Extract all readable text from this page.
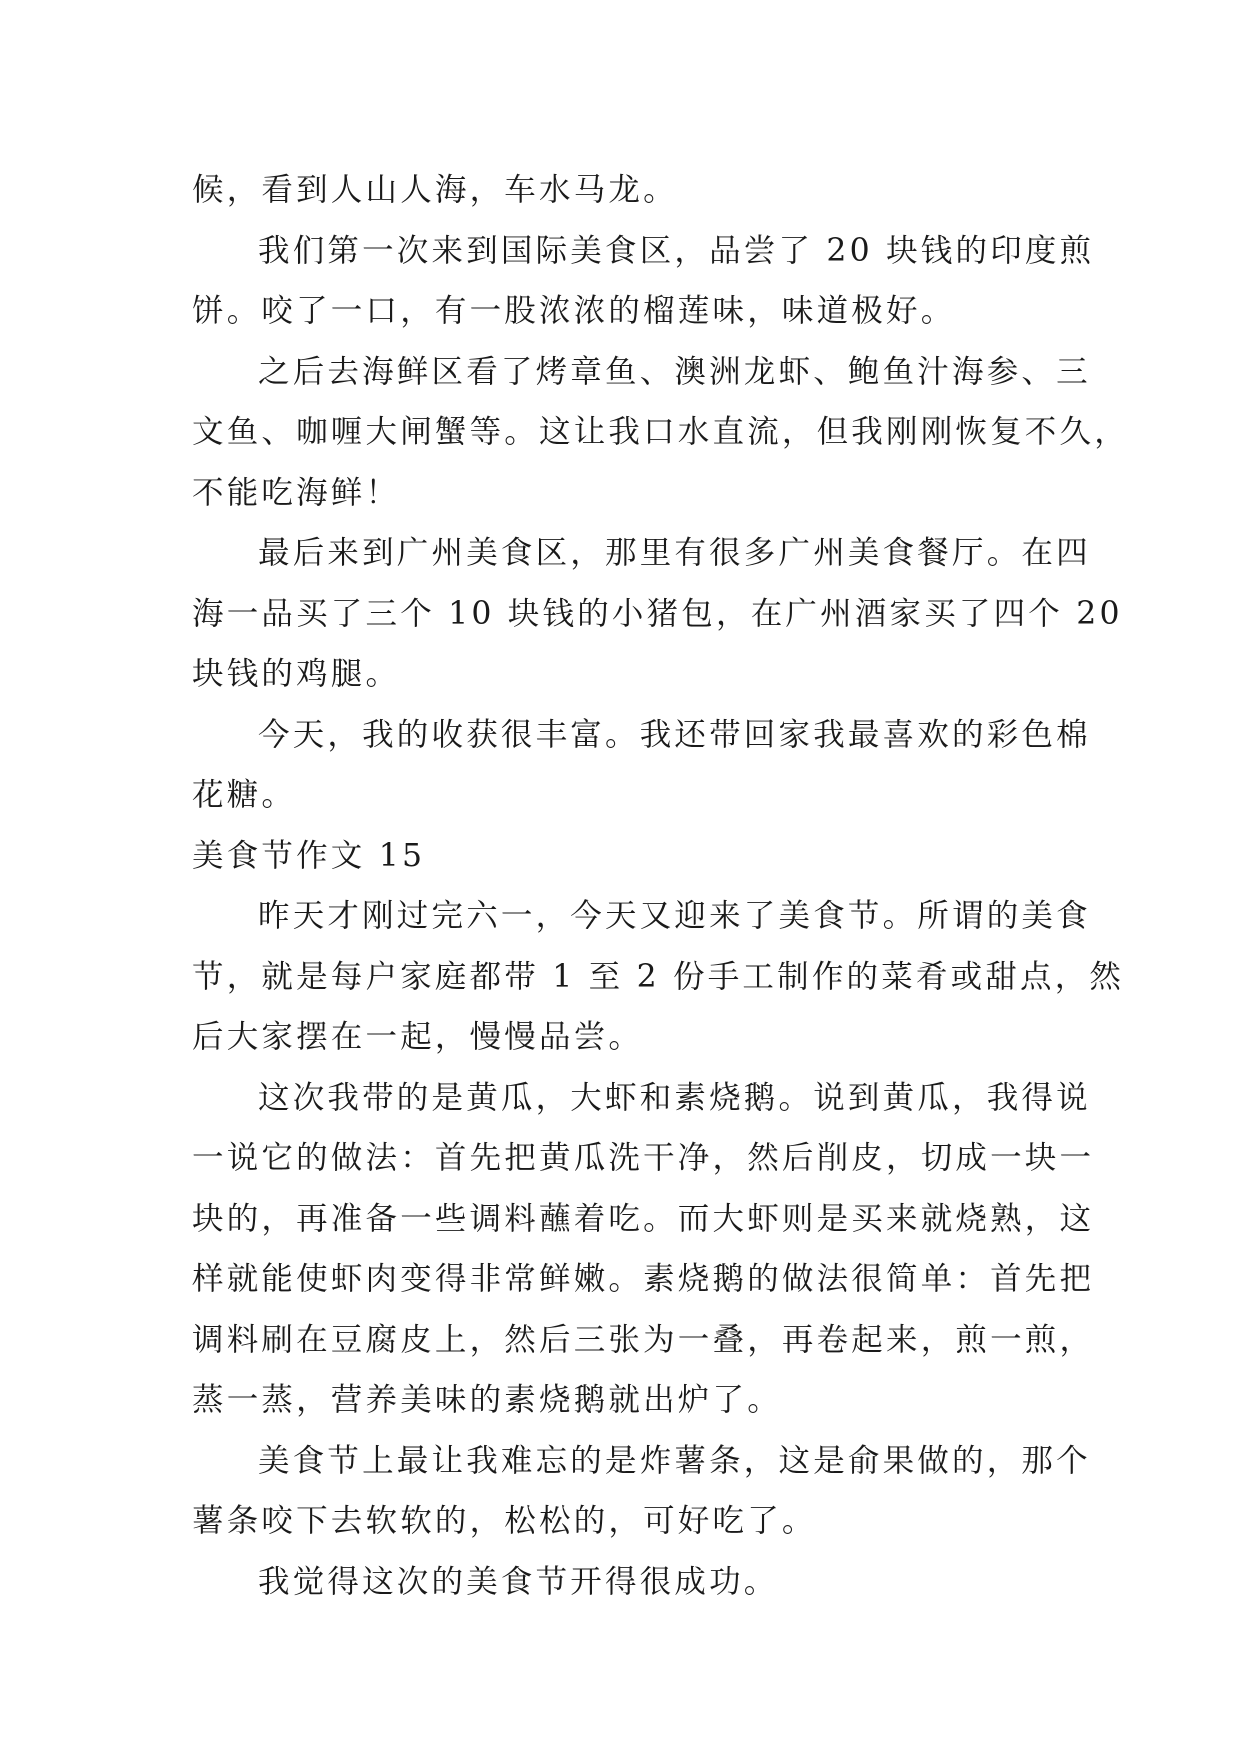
候，看到人山人海，车水马龙。
我们第一次来到国际美食区，品尝了 20 块钱的印度煎
饼。咬了一口，有一股浓浓的榴莲味，味道极好。
之后去海鲜区看了烤章鱼、澳洲龙虾、鲍鱼汁海参、三
文鱼、咖喱大闸蟹等。这让我口水直流，但我刚刚恢复不久，
不能吃海鲜！
最后来到广州美食区，那里有很多广州美食餐厅。在四
海一品买了三个 10 块钱的小猪包，在广州酒家买了四个 20
块钱的鸡腿。
今天，我的收获很丰富。我还带回家我最喜欢的彩色棉
花糖。
美食节作文 15
昨天才刚过完六一，今天又迎来了美食节。所谓的美食
节，就是每户家庭都带 1 至 2 份手工制作的菜肴或甜点，然
后大家摆在一起，慢慢品尝。
这次我带的是黄瓜，大虾和素烧鹅。说到黄瓜，我得说
一说它的做法：首先把黄瓜洗干净，然后削皮，切成一块一
块的，再准备一些调料蘸着吃。而大虾则是买来就烧熟，这
样就能使虾肉变得非常鲜嫩。素烧鹅的做法很简单：首先把
调料刷在豆腐皮上，然后三张为一叠，再卷起来，煎一煎，
蒸一蒸，营养美味的素烧鹅就出炉了。
美食节上最让我难忘的是炸薯条，这是俞果做的，那个
薯条咬下去软软的，松松的，可好吃了。
我觉得这次的美食节开得很成功。
